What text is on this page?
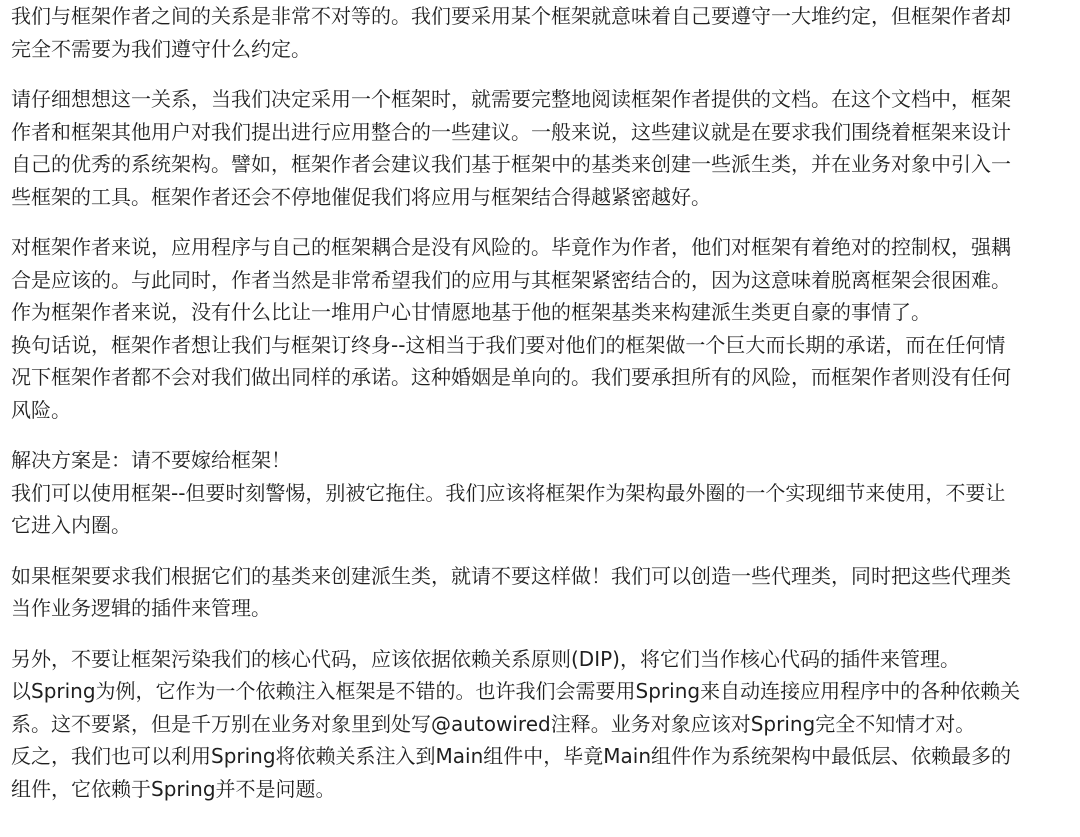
我们与框架作者之间的关系是非常不对等的。我们要采用某个框架就意味着自己要遵守一大堆约定，但框架作者却
完全不需要为我们遵守什么约定。

请仔细想想这一关系，当我们决定采用一个框架时，就需要完整地阅读框架作者提供的文档。在这个文档中，框架
作者和框架其他用户对我们提出进行应用整合的一些建议。一般来说，这些建议就是在要求我们围绕着框架来设计
自己的优秀的系统架构。譬如，框架作者会建议我们基于框架中的基类来创建一些派生类，并在业务对象中引入一
些框架的工具。框架作者还会不停地催促我们将应用与框架结合得越紧密越好。

对框架作者来说，应用程序与自己的框架耦合是没有风险的。毕竟作为作者，他们对框架有着绝对的控制权，强耦
合是应该的。与此同时，作者当然是非常希望我们的应用与其框架紧密结合的，因为这意味着脱离框架会很困难。
作为框架作者来说，没有什么比让一堆用户心甘情愿地基于他的框架基类来构建派生类更自豪的事情了。
换句话说，框架作者想让我们与框架订终身--这相当于我们要对他们的框架做一个巨大而长期的承诺，而在任何情
况下框架作者都不会对我们做出同样的承诺。这种婚姻是单向的。我们要承担所有的风险，而框架作者则没有任何
风险。

解决方案是：请不要嫁给框架！
我们可以使用框架--但要时刻警惕，别被它拖住。我们应该将框架作为架构最外圈的一个实现细节来使用，不要让
它进入内圈。

如果框架要求我们根据它们的基类来创建派生类，就请不要这样做！我们可以创造一些代理类，同时把这些代理类
当作业务逻辑的插件来管理。

另外，不要让框架污染我们的核心代码，应该依据依赖关系原则(DIP)，将它们当作核心代码的插件来管理。
以Spring为例，它作为一个依赖注入框架是不错的。也许我们会需要用Spring来自动连接应用程序中的各种依赖关
系。这不要紧，但是千万别在业务对象里到处写@autowired注释。业务对象应该对Spring完全不知情才对。
反之，我们也可以利用Spring将依赖关系注入到Main组件中，毕竟Main组件作为系统架构中最低层、依赖最多的
组件，它依赖于Spring并不是问题。
